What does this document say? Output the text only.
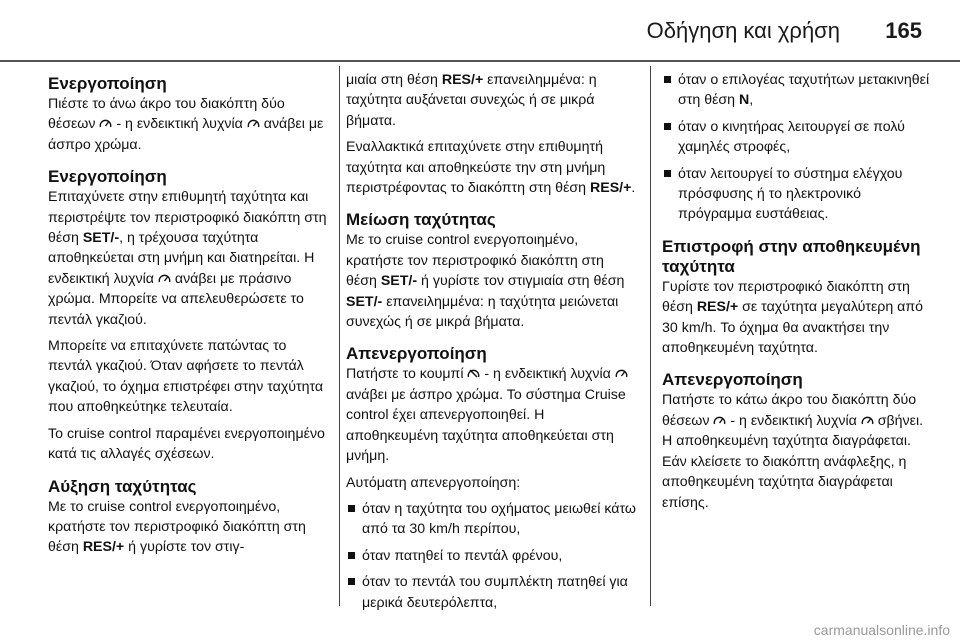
Οδήγηση και χρήση 165
Ενεργοποίηση

Πιέστε το άνω άκρο του διακόπτη δύο θέσεων  - η ενδεικτική λυχνία  ανάβει με άσπρο χρώμα.

Ενεργοποίηση

Επιταχύνετε στην επιθυμητή ταχύτητα και περιστρέψτε τον περιστροφικό διακόπτη στη θέση SET/-, η τρέχουσα ταχύτητα αποθηκεύεται στη μνήμη και διατηρείται. Η ενδεικτική λυχνία  ανάβει με πράσινο χρώμα. Μπορείτε να απελευθερώσετε το πεντάλ γκαζιού.

Μπορείτε να επιταχύνετε πατώντας το πεντάλ γκαζιού. Όταν αφήσετε το πεντάλ γκαζιού, το όχημα επιστρέφει στην ταχύτητα που αποθηκεύτηκε τελευταία.

Το cruise control παραμένει ενεργοποιημένο κατά τις αλλαγές σχέσεων.

Αύξηση ταχύτητας

Με το cruise control ενεργοποιημένο, κρατήστε τον περιστροφικό διακόπτη στη θέση RES/+ ή γυρίστε τον στιγ-

μιαία στη θέση RES/+ επανειλημμένα: η ταχύτητα αυξάνεται συνεχώς ή σε μικρά βήματα.

Εναλλακτικά επιταχύνετε στην επιθυμητή ταχύτητα και αποθηκεύστε την στη μνήμη περιστρέφοντας το διακόπτη στη θέση RES/+.

Μείωση ταχύτητας

Με το cruise control ενεργοποιημένο, κρατήστε τον περιστροφικό διακόπτη στη θέση SET/- ή γυρίστε τον στιγμιαία στη θέση SET/- επανειλημμένα: η ταχύτητα μειώνεται συνεχώς ή σε μικρά βήματα.

Απενεργοποίηση

Πατήστε το κουμπί  - η ενδεικτική λυχνία  ανάβει με άσπρο χρώμα. Το σύστημα Cruise control έχει απενεργοποιηθεί. Η αποθηκευμένη ταχύτητα αποθηκεύεται στη μνήμη.

Αυτόματη απενεργοποίηση:

όταν η ταχύτητα του οχήματος μειωθεί κάτω από τα 30 km/h περίπου,
όταν πατηθεί το πεντάλ φρένου,
όταν το πεντάλ του συμπλέκτη πατηθεί για μερικά δευτερόλεπτα,
όταν ο επιλογέας ταχυτήτων μετακινηθεί στη θέση N,
όταν ο κινητήρας λειτουργεί σε πολύ χαμηλές στροφές,
όταν λειτουργεί το σύστημα ελέγχου πρόσφυσης ή το ηλεκτρονικό πρόγραμμα ευστάθειας.
Επιστροφή στην αποθηκευμένη ταχύτητα

Γυρίστε τον περιστροφικό διακόπτη στη θέση RES/+ σε ταχύτητα μεγαλύτερη από 30 km/h. Το όχημα θα ανακτήσει την αποθηκευμένη ταχύτητα.

Απενεργοποίηση

Πατήστε το κάτω άκρο του διακόπτη δύο θέσεων  - η ενδεικτική λυχνία  σβήνει. Η αποθηκευμένη ταχύτητα διαγράφεται. Εάν κλείσετε το διακόπτη ανάφλεξης, η αποθηκευμένη ταχύτητα διαγράφεται επίσης.

carmanualsonline.info
